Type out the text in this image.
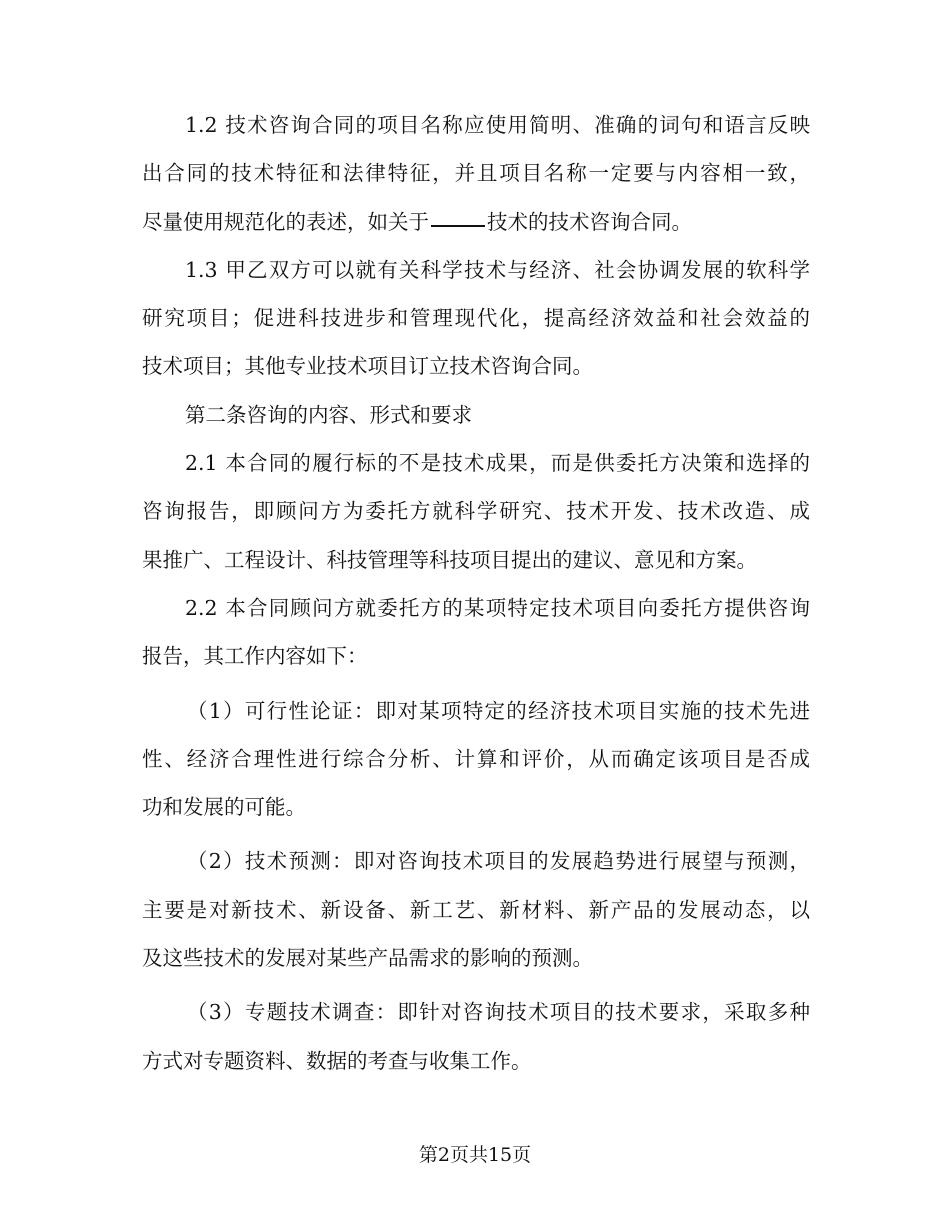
1.2 技术咨询合同的项目名称应使用简明、准确的词句和语言反映
出合同的技术特征和法律特征，并且项目名称一定要与内容相一致，
尽量使用规范化的表述，如关于	技术的技术咨询合同。
1.3 甲乙双方可以就有关科学技术与经济、社会协调发展的软科学
研究项目；促进科技进步和管理现代化，提高经济效益和社会效益的
技术项目；其他专业技术项目订立技术咨询合同。
第二条咨询的内容、形式和要求
2.1 本合同的履行标的不是技术成果，而是供委托方决策和选择的
咨询报告，即顾问方为委托方就科学研究、技术开发、技术改造、成
果推广、工程设计、科技管理等科技项目提出的建议、意见和方案。
2.2 本合同顾问方就委托方的某项特定技术项目向委托方提供咨询
报告，其工作内容如下：
（1）可行性论证：即对某项特定的经济技术项目实施的技术先进
性、经济合理性进行综合分析、计算和评价，从而确定该项目是否成
功和发展的可能。
（2）技术预测：即对咨询技术项目的发展趋势进行展望与预测，
主要是对新技术、新设备、新工艺、新材料、新产品的发展动态，以
及这些技术的发展对某些产品需求的影响的预测。
（3）专题技术调查：即针对咨询技术项目的技术要求，采取多种
方式对专题资料、数据的考查与收集工作。
第2页共15页
